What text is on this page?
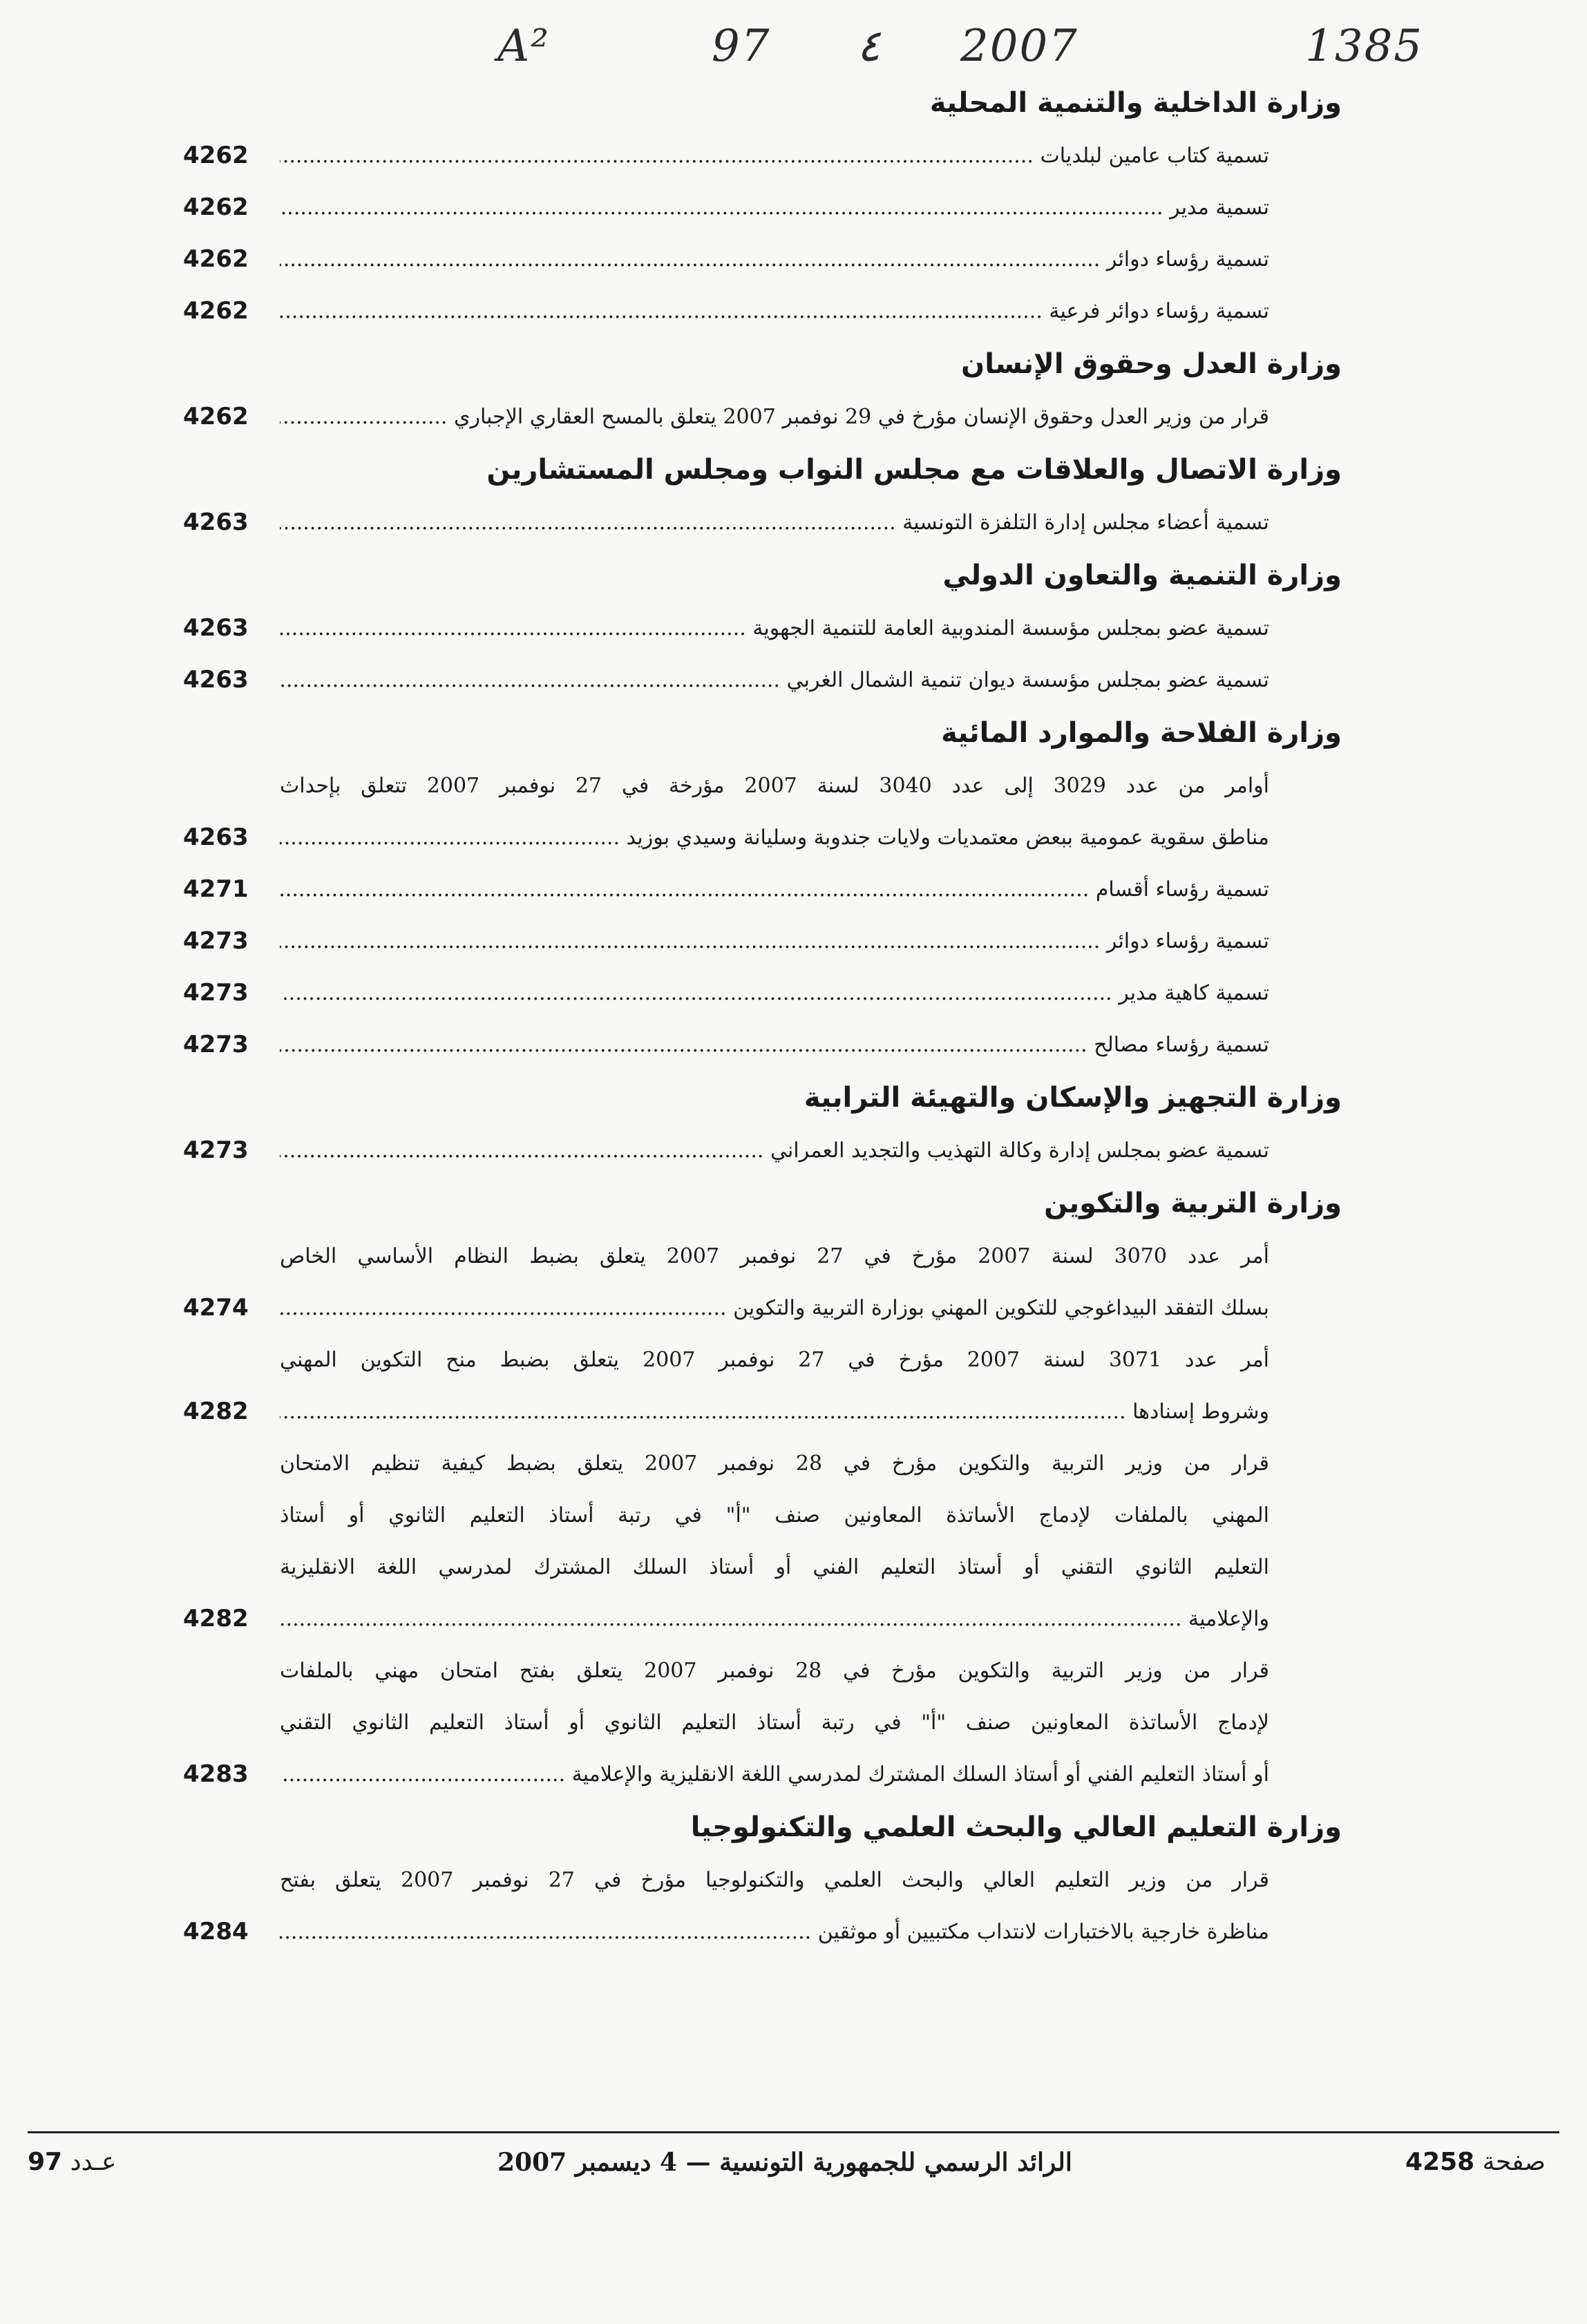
A²	97 ٤ 2007	1385
وزارة الداخلية والتنمية المحلية
تسمية كتاب عامين لبلديات .....
4262
تسمية مدير .....
4262
تسمية رؤساء دوائر .....
4262
تسمية رؤساء دوائر فرعية .....
4262
وزارة العدل وحقوق الإنسان
قرار من وزير العدل وحقوق الإنسان مؤرخ في 29 نوفمبر 2007 يتعلق بالمسح العقاري الإجباري .....
4262
وزارة الاتصال والعلاقات مع مجلس النواب ومجلس المستشارين
تسمية أعضاء مجلس إدارة التلفزة التونسية .....
4263
وزارة التنمية والتعاون الدولي
تسمية عضو بمجلس مؤسسة المندوبية العامة للتنمية الجهوية .....
4263
تسمية عضو بمجلس مؤسسة ديوان تنمية الشمال الغربي .....
4263
وزارة الفلاحة والموارد المائية
أوامر من عدد 3029 إلى عدد 3040 لسنة 2007 مؤرخة في 27 نوفمبر 2007 تتعلق بإحداث
مناطق سقوية عمومية ببعض معتمديات ولايات جندوبة وسليانة وسيدي بوزيد .....
4263
تسمية رؤساء أقسام .....
4271
تسمية رؤساء دوائر .....
4273
تسمية كاهية مدير .....
4273
تسمية رؤساء مصالح .....
4273
وزارة التجهيز والإسكان والتهيئة الترابية
تسمية عضو بمجلس إدارة وكالة التهذيب والتجديد العمراني .....
4273
وزارة التربية والتكوين
أمر عدد 3070 لسنة 2007 مؤرخ في 27 نوفمبر 2007 يتعلق بضبط النظام الأساسي الخاص
بسلك التفقد البيداغوجي للتكوين المهني بوزارة التربية والتكوين .....
4274
أمر عدد 3071 لسنة 2007 مؤرخ في 27 نوفمبر 2007 يتعلق بضبط منح التكوين المهني
وشروط إسنادها .....
4282
قرار من وزير التربية والتكوين مؤرخ في 28 نوفمبر 2007 يتعلق بضبط كيفية تنظيم الامتحان
المهني بالملفات لإدماج الأساتذة المعاونين صنف "أ" في رتبة أستاذ التعليم الثانوي أو أستاذ
التعليم الثانوي التقني أو أستاذ التعليم الفني أو أستاذ السلك المشترك لمدرسي اللغة الانقليزية
والإعلامية .....
4282
قرار من وزير التربية والتكوين مؤرخ في 28 نوفمبر 2007 يتعلق بفتح امتحان مهني بالملفات
لإدماج الأساتذة المعاونين صنف "أ" في رتبة أستاذ التعليم الثانوي أو أستاذ التعليم الثانوي التقني
أو أستاذ التعليم الفني أو أستاذ السلك المشترك لمدرسي اللغة الانقليزية والإعلامية .....
4283
وزارة التعليم العالي والبحث العلمي والتكنولوجيا
قرار من وزير التعليم العالي والبحث العلمي والتكنولوجيا مؤرخ في 27 نوفمبر 2007 يتعلق بفتح
مناظرة خارجية بالاختبارات لانتداب مكتبيين أو موثقين .....
4284
عـدد 97	الرائد الرسمي للجمهورية التونسية — 4 ديسمبر 2007	صفحة 4258
